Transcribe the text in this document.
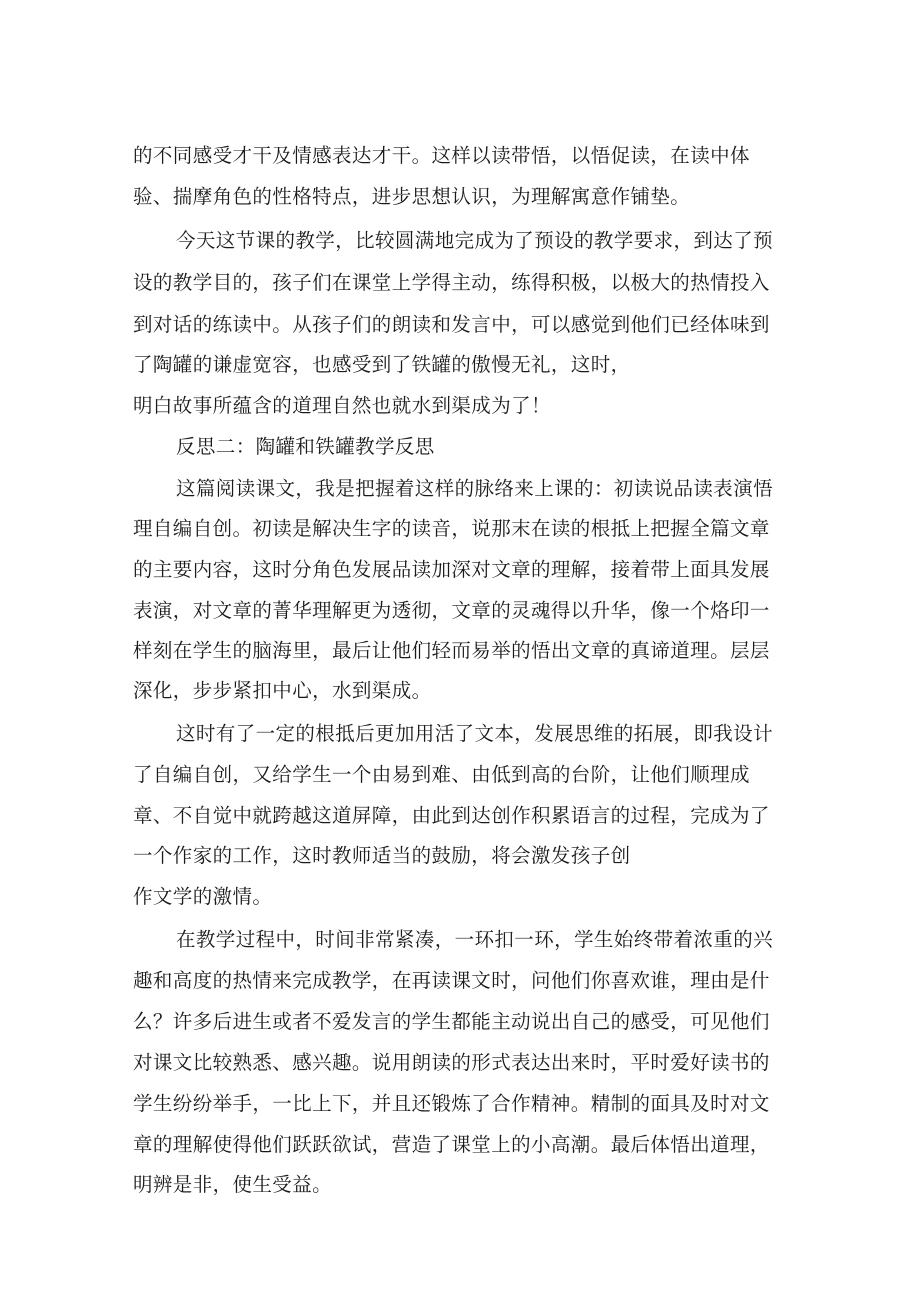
的不同感受才干及情感表达才干。这样以读带悟，以悟促读，在读中体
验、揣摩角色的性格特点，进步思想认识，为理解寓意作铺垫。
今天这节课的教学，比较圆满地完成为了预设的教学要求，到达了预
设的教学目的，孩子们在课堂上学得主动，练得积极，以极大的热情投入
到对话的练读中。从孩子们的朗读和发言中，可以感觉到他们已经体味到
了陶罐的谦虚宽容，也感受到了铁罐的傲慢无礼，这时，
明白故事所蕴含的道理自然也就水到渠成为了！
反思二：陶罐和铁罐教学反思
这篇阅读课文，我是把握着这样的脉络来上课的：初读说品读表演悟
理自编自创。初读是解决生字的读音，说那末在读的根抵上把握全篇文章
的主要内容，这时分角色发展品读加深对文章的理解，接着带上面具发展
表演，对文章的菁华理解更为透彻，文章的灵魂得以升华，像一个烙印一
样刻在学生的脑海里，最后让他们轻而易举的悟出文章的真谛道理。层层
深化，步步紧扣中心，水到渠成。
这时有了一定的根抵后更加用活了文本，发展思维的拓展，即我设计
了自编自创，又给学生一个由易到难、由低到高的台阶，让他们顺理成
章、不自觉中就跨越这道屏障，由此到达创作积累语言的过程，完成为了
一个作家的工作，这时教师适当的鼓励，将会激发孩子创
作文学的激情。
在教学过程中，时间非常紧凑，一环扣一环，学生始终带着浓重的兴
趣和高度的热情来完成教学，在再读课文时，问他们你喜欢谁，理由是什
么？许多后进生或者不爱发言的学生都能主动说出自己的感受，可见他们
对课文比较熟悉、感兴趣。说用朗读的形式表达出来时，平时爱好读书的
学生纷纷举手，一比上下，并且还锻炼了合作精神。精制的面具及时对文
章的理解使得他们跃跃欲试，营造了课堂上的小高潮。最后体悟出道理，
明辨是非，使生受益。
